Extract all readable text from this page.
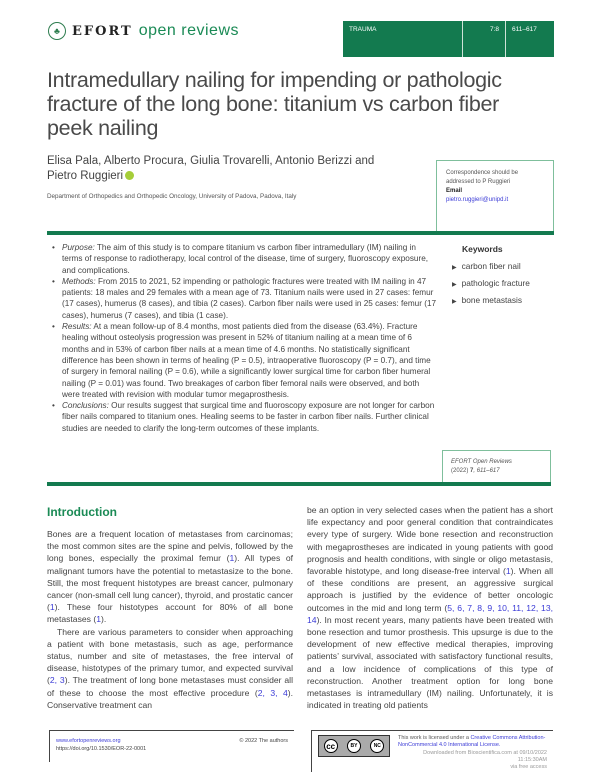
♣ EFORT open reviews	TRAUMA	7:8	611–617
Intramedullary nailing for impending or pathologic fracture of the long bone: titanium vs carbon fiber peek nailing
Elisa Pala, Alberto Procura, Giulia Trovarelli, Antonio Berizzi and Pietro Ruggieri
Department of Orthopedics and Orthopedic Oncology, University of Padova, Padova, Italy
Correspondence should be addressed to P Ruggieri
Email
pietro.ruggieri@unipd.it
• Purpose: The aim of this study is to compare titanium vs carbon fiber intramedullary (IM) nailing in terms of response to radiotherapy, local control of the disease, time of surgery, fluoroscopy exposure, and complications.
• Methods: From 2015 to 2021, 52 impending or pathologic fractures were treated with IM nailing in 47 patients: 18 males and 29 females with a mean age of 73. Titanium nails were used in 27 cases: femur (17 cases), humerus (8 cases), and tibia (2 cases). Carbon fiber nails were used in 25 cases: femur (17 cases), humerus (7 cases), and tibia (1 case).
• Results: At a mean follow-up of 8.4 months, most patients died from the disease (63.4%). Fracture healing without osteolysis progression was present in 52% of titanium nailing at a mean time of 6 months and in 53% of carbon fiber nails at a mean time of 4.6 months. No statistically significant difference has been shown in terms of healing (P = 0.5), intraoperative fluoroscopy (P = 0.7), and time of surgery in femoral nailing (P = 0.6), while a significantly lower surgical time for carbon fiber humeral nailing (P = 0.01) was found. Two breakages of carbon fiber femoral nails were observed, and both were treated with revision with modular tumor megaprosthesis.
• Conclusions: Our results suggest that surgical time and fluoroscopy exposure are not longer for carbon fiber nails compared to titanium ones. Healing seems to be faster in carbon fiber nails. Further clinical studies are needed to clarify the long-term outcomes of these implants.
Keywords
▶ carbon fiber nail
▶ pathologic fracture
▶ bone metastasis
EFORT Open Reviews
(2022) 7, 611–617
Introduction

Bones are a frequent location of metastases from carcinomas; the most common sites are the spine and pelvis, followed by the long bones, especially the proximal femur (1). All types of malignant tumors have the potential to metastasize to the bone. Still, the most frequent histotypes are breast cancer, pulmonary cancer (non-small cell lung cancer), thyroid, and prostatic cancer (1). These four histotypes account for 80% of all bone metastases (1).

There are various parameters to consider when approaching a patient with bone metastasis, such as age, performance status, number and site of metastases, the free interval of disease, histotypes of the primary tumor, and expected survival (2, 3). The treatment of long bone metastases must consider all of these to choose the most effective procedure (2, 3, 4). Conservative treatment can

be an option in very selected cases when the patient has a short life expectancy and poor general condition that contraindicates every type of surgery. Wide bone resection and reconstruction with megaprostheses are indicated in young patients with good prognosis and health conditions, with single or oligo metastasis, favorable histotype, and long disease-free interval (1). When all of these conditions are present, an aggressive surgical approach is justified by the evidence of better oncologic outcomes in the mid and long term (5, 6, 7, 8, 9, 10, 11, 12, 13, 14). In most recent years, many patients have been treated with bone resection and tumor prosthesis. This upsurge is due to the development of new effective medical therapies, improving patients’ survival, associated with satisfactory functional results, and a low incidence of complications of this type of reconstruction. Another treatment option for long bone metastases is intramedullary (IM) nailing. Unfortunately, it is indicated in treating old patients

www.efortopenreviews.org
https://doi.org/10.1530/EOR-22-0001
© 2022 The authors
cc	BY	NC
This work is licensed under a Creative Commons Attribution-NonCommercial 4.0 International License.
Downloaded from Bioscientifica.com at 09/10/2022 11:15:30AM
via free access
